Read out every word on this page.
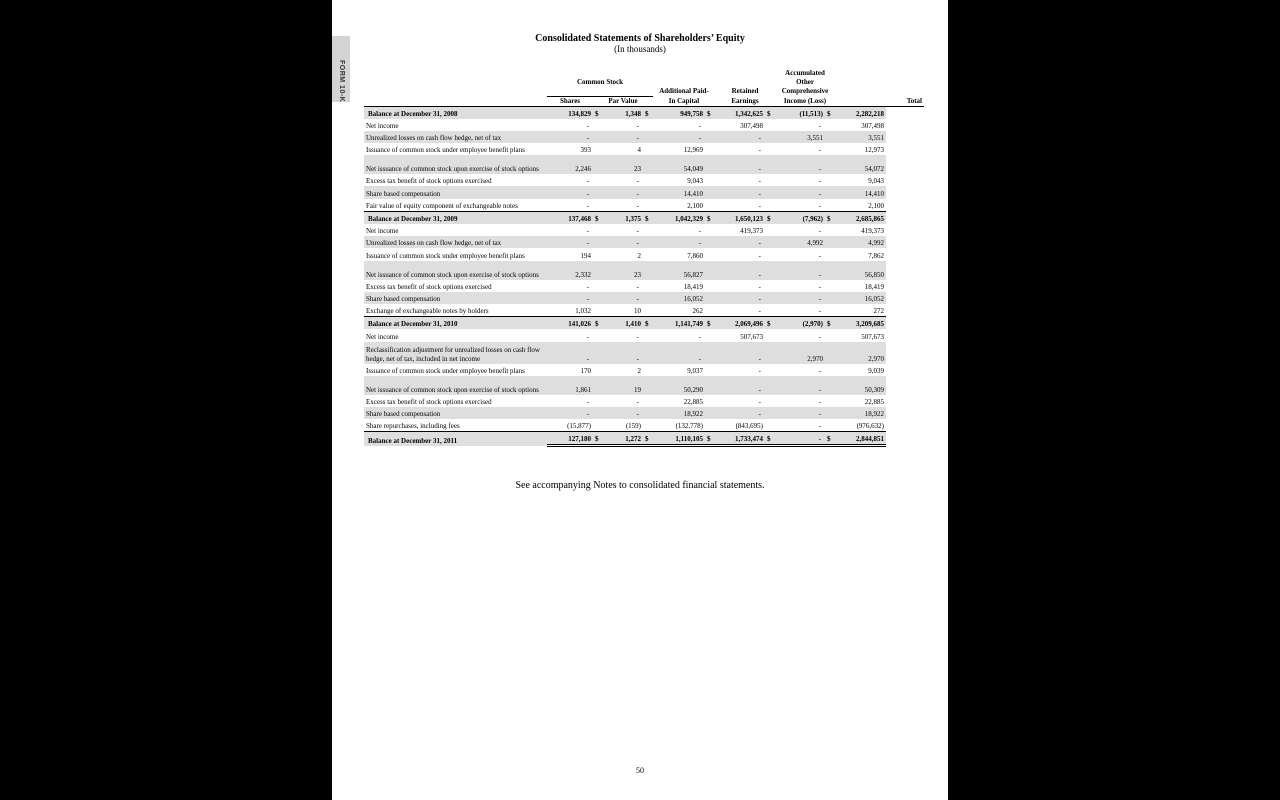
FORM 10-K
Consolidated Statements of Shareholders’ Equity
(In thousands)
									Accumulated		
	Common Stock								Other		
					Additional Paid-		Retained		Comprehensive		
	Shares	Par Value			In Capital		Earnings		Income (Loss)		Total
Balance at December 31, 2008	134,829	$	1,348	$	949,758	$	1,342,625	$	(11,513)	$	2,282,218
Net income	-		-		-		307,498		-		307,498
Unrealized losses on cash flow hedge, net of tax	-		-		-		-		3,551		3,551
Issuance of common stock under employee benefit plans	393		4		12,969		-		-		12,973
Net issuance of common stock upon exercise of stock options	2,246		23		54,049		-		-		54,072
Excess tax benefit of stock options exercised	-		-		9,043		-		-		9,043
Share based compensation	-		-		14,410		-		-		14,410
Fair value of equity component of exchangeable notes	-		-		2,100		-		-		2,100
Balance at December 31, 2009	137,468	$	1,375	$	1,042,329	$	1,650,123	$	(7,962)	$	2,685,865
Net income	-		-		-		419,373		-		419,373
Unrealized losses on cash flow hedge, net of tax	-		-		-		-		4,992		4,992
Issuance of common stock under employee benefit plans	194		2		7,860		-		-		7,862
Net issuance of common stock upon exercise of stock options	2,332		23		56,827		-		-		56,850
Excess tax benefit of stock options exercised	-		-		18,419		-		-		18,419
Share based compensation	-		-		16,052		-		-		16,052
Exchange of exchangeable notes by holders	1,032		10		262		-		-		272
Balance at December 31, 2010	141,026	$	1,410	$	1,141,749	$	2,069,496	$	(2,970)	$	3,209,685
Net income	-		-		-		507,673		-		507,673
Reclassification adjustment for unrealized losses on cash flow hedge, net of tax, included in net income	-		-		-		-		2,970		2,970
Issuance of common stock under employee benefit plans	170		2		9,037		-		-		9,039
Net issuance of common stock upon exercise of stock options	1,861		19		50,290		-		-		50,309
Excess tax benefit of stock options exercised	-		-		22,885		-		-		22,885
Share based compensation	-		-		18,922		-		-		18,922
Share repurchases, including fees	(15,877)		(159)		(132,778)		(843,695)		-		(976,632)
Balance at December 31, 2011	127,180	$	1,272	$	1,110,105	$	1,733,474	$	-	$	2,844,851
See accompanying Notes to consolidated financial statements.
50
